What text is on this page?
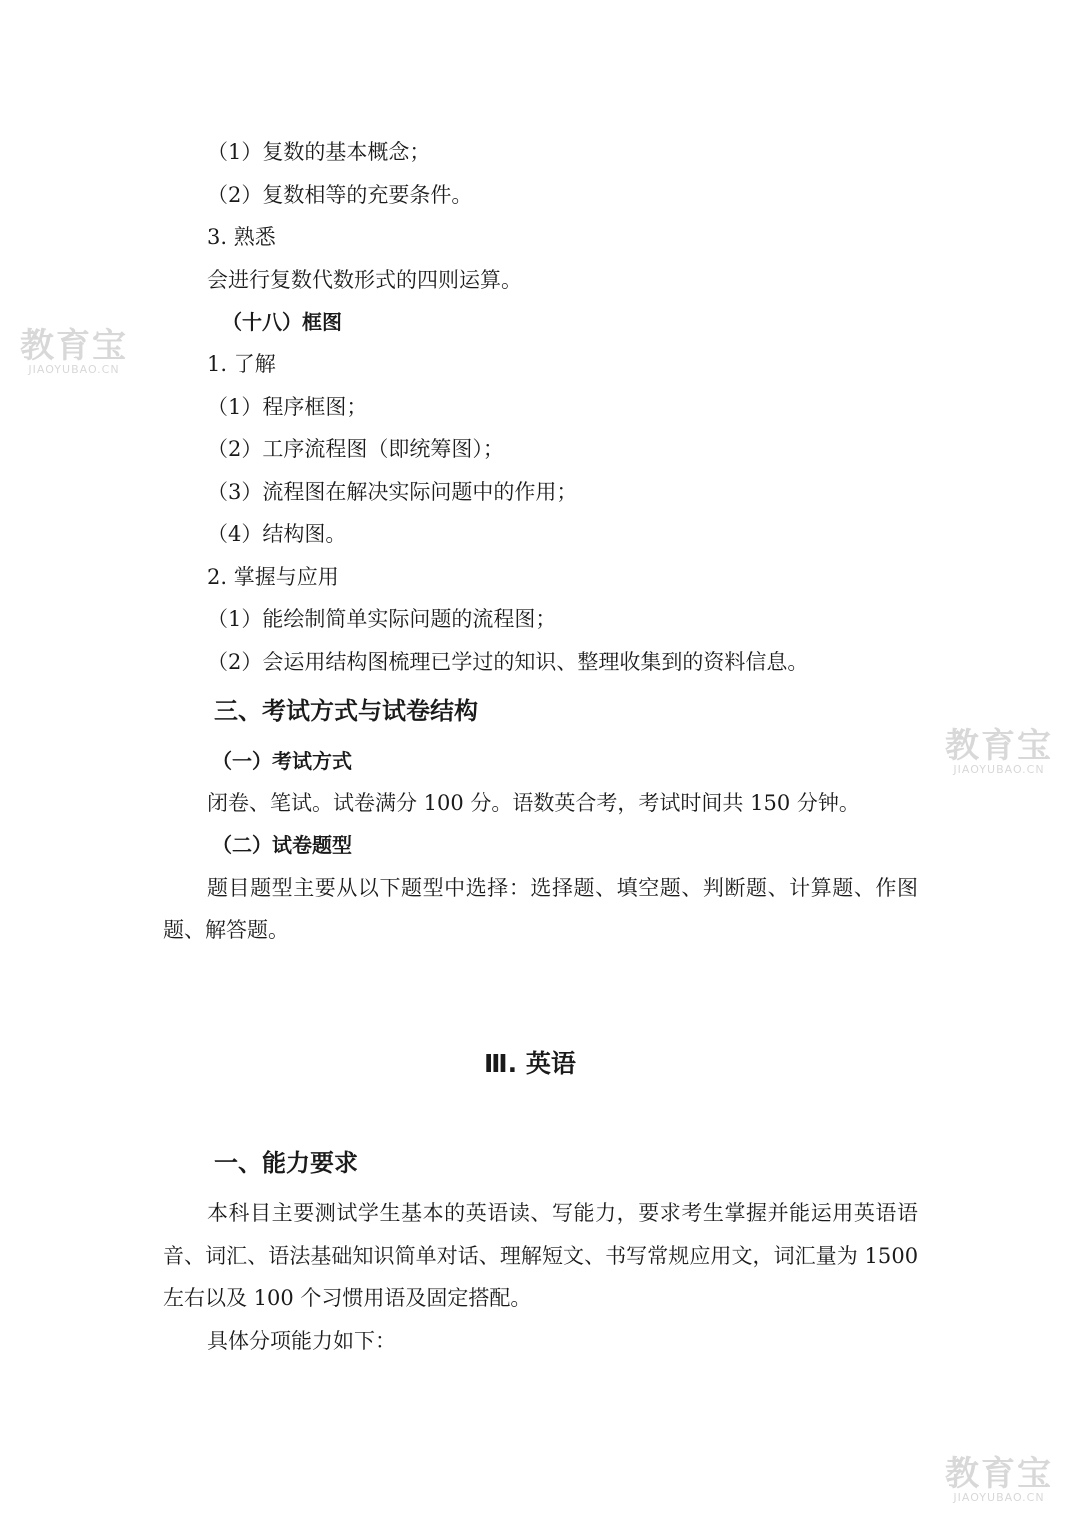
（1）复数的基本概念；
（2）复数相等的充要条件。
3. 熟悉
会进行复数代数形式的四则运算。
（十八）框图
1. 了解
（1）程序框图；
（2）工序流程图（即统筹图）；
（3）流程图在解决实际问题中的作用；
（4）结构图。
2. 掌握与应用
（1）能绘制简单实际问题的流程图；
（2）会运用结构图梳理已学过的知识、整理收集到的资料信息。
三、考试方式与试卷结构
（一）考试方式
闭卷、笔试。试卷满分 100 分。语数英合考，考试时间共 150 分钟。
（二）试卷题型
题目题型主要从以下题型中选择：选择题、填空题、判断题、计算题、作图
题、解答题。
Ⅲ. 英语
一、能力要求
本科目主要测试学生基本的英语读、写能力，要求考生掌握并能运用英语语
音、词汇、语法基础知识简单对话、理解短文、书写常规应用文，词汇量为 1500
左右以及 100 个习惯用语及固定搭配。
具体分项能力如下：
教育宝
JIAOYUBAO.CN
教育宝
JIAOYUBAO.CN
教育宝
JIAOYUBAO.CN
